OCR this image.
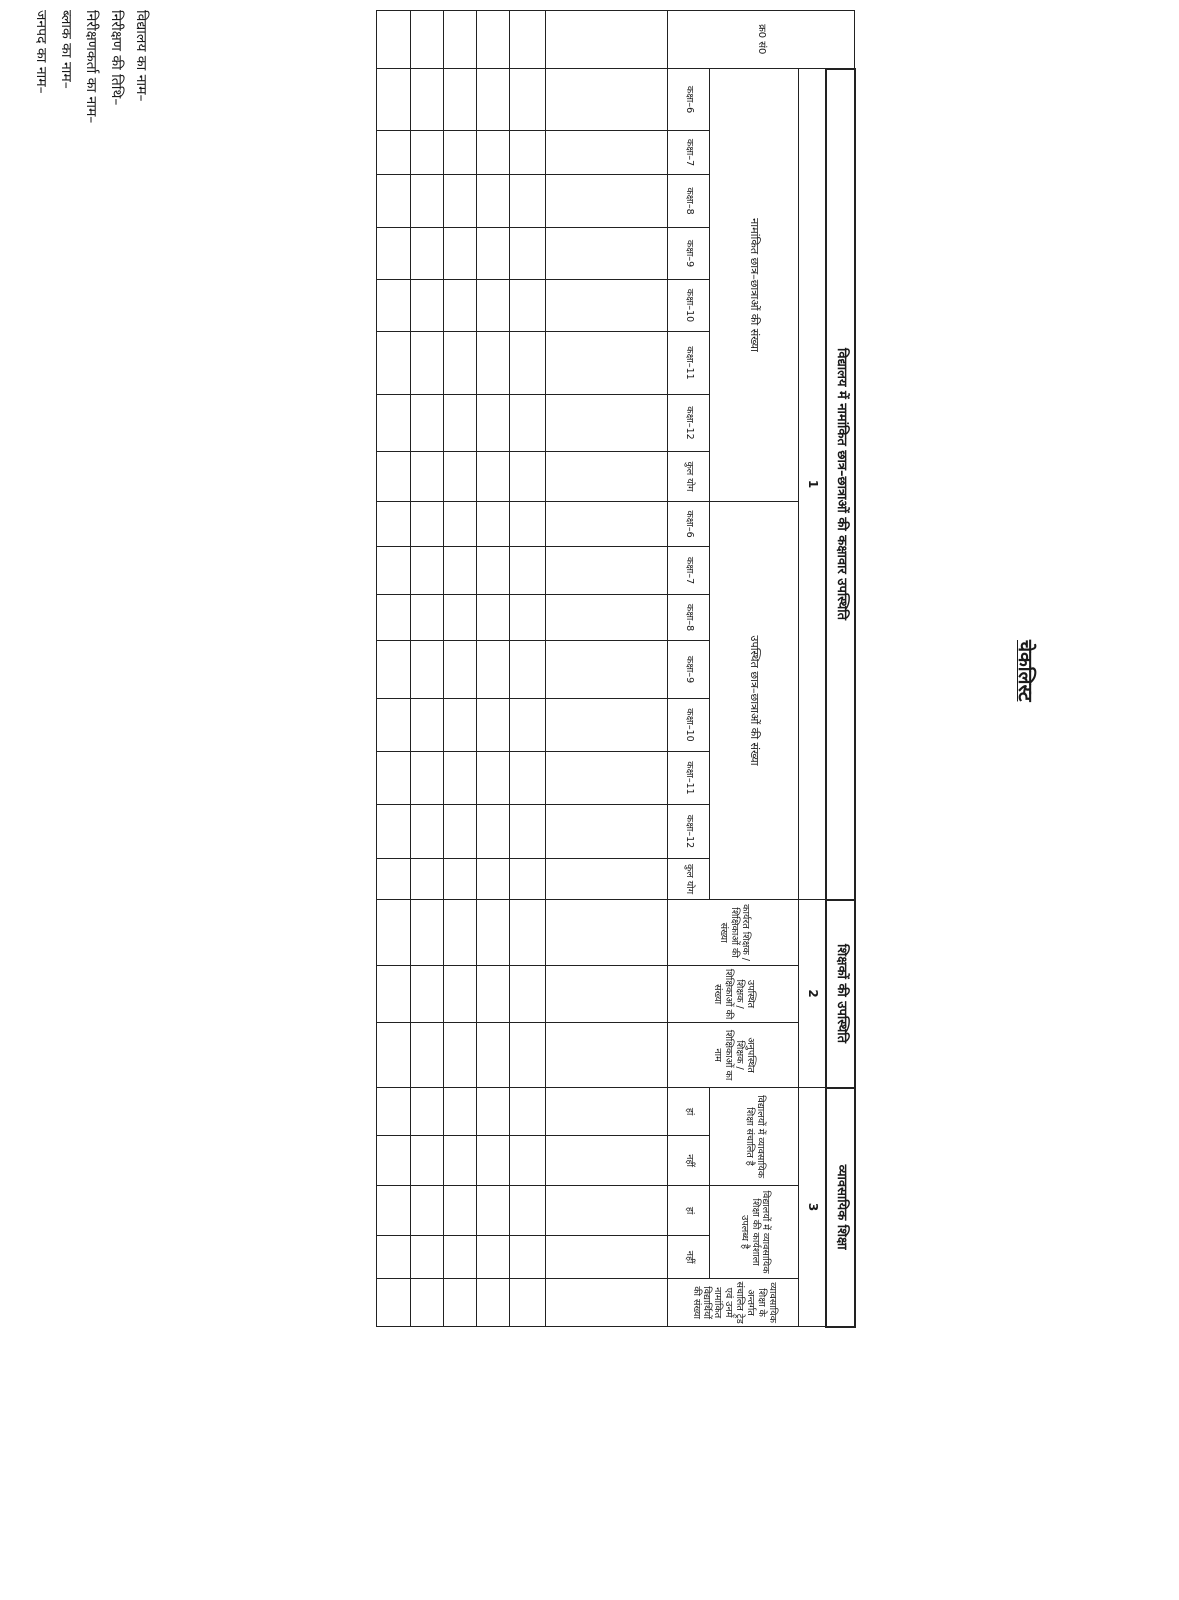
जनपद का नाम– ब्लाक का नाम– निरीक्षणकर्ता का नाम– निरीक्षण की तिथि– विद्यालय का नाम–
चेकलिस्ट
क्र0 सं0	विद्यालय में नामांकित छात्र–छात्राओं की कक्षावार उपस्थिति																शिक्षकों की उपस्थिति			व्यावसायिक शिक्षा				
	1																2			3				
	नामांकित छात्र–छात्राओं की संख्या								उपस्थित छात्र–छात्राओं की संख्या								कार्यरत शिक्षक / शिक्षिकाओं की संख्या	उपस्थित शिक्षक / शिक्षिकाओं की संख्या	अनुपस्थित शिक्षक / शिक्षिकाओं का नाम	विद्यालयों में व्यावसायिक शिक्षा संचालित है		विद्यालयों में व्यावसायिक शिक्षा की कार्यशाला उपलब्ध है		व्यावसायिक शिक्षा के अन्तर्गत संचालित ट्रेड एवं उनमें नामांकित विद्यार्थियों की संख्या
	कक्षा–6	कक्षा–7	कक्षा–8	कक्षा–9	कक्षा–10	कक्षा–11	कक्षा–12	कुल योग	कक्षा–6	कक्षा–7	कक्षा–8	कक्षा–9	कक्षा–10	कक्षा–11	कक्षा–12	कुल योग				हां	नहीं	हां	नहीं	
